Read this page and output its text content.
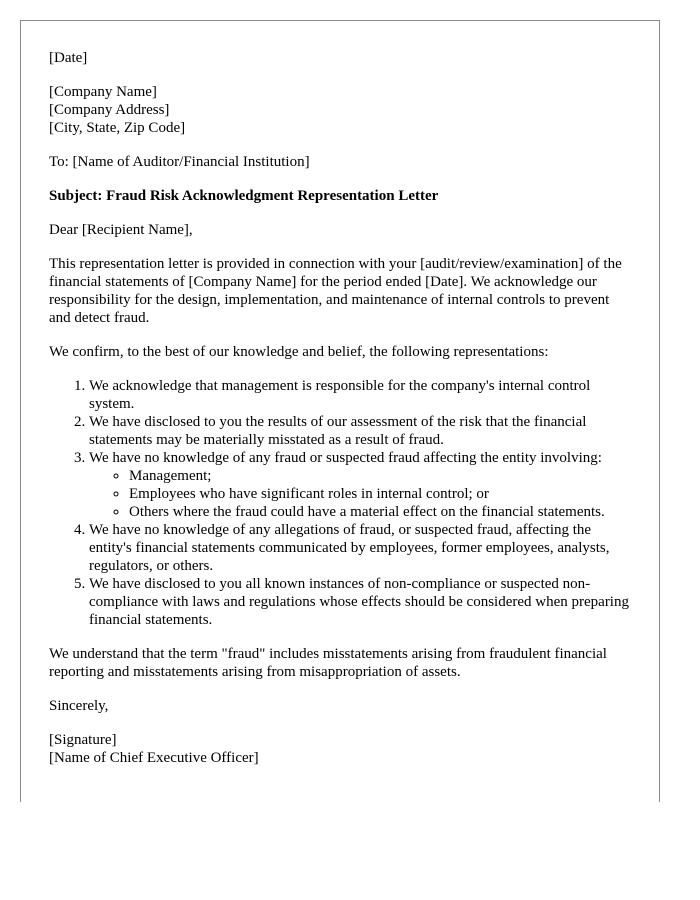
[Date]

[Company Name]
[Company Address]
[City, State, Zip Code]

To: [Name of Auditor/Financial Institution]

Subject: Fraud Risk Acknowledgment Representation Letter

Dear [Recipient Name],

This representation letter is provided in connection with your [audit/review/examination] of the financial statements of [Company Name] for the period ended [Date]. We acknowledge our responsibility for the design, implementation, and maintenance of internal controls to prevent and detect fraud.

We confirm, to the best of our knowledge and belief, the following representations:

1. We acknowledge that management is responsible for the company's internal control system.
2. We have disclosed to you the results of our assessment of the risk that the financial statements may be materially misstated as a result of fraud.
3. We have no knowledge of any fraud or suspected fraud affecting the entity involving:
◦ Management;
◦ Employees who have significant roles in internal control; or
◦ Others where the fraud could have a material effect on the financial statements.
4. We have no knowledge of any allegations of fraud, or suspected fraud, affecting the entity's financial statements communicated by employees, former employees, analysts, regulators, or others.
5. We have disclosed to you all known instances of non-compliance or suspected non-compliance with laws and regulations whose effects should be considered when preparing financial statements.

We understand that the term "fraud" includes misstatements arising from fraudulent financial reporting and misstatements arising from misappropriation of assets.

Sincerely,

[Signature]
[Name of Chief Executive Officer]
